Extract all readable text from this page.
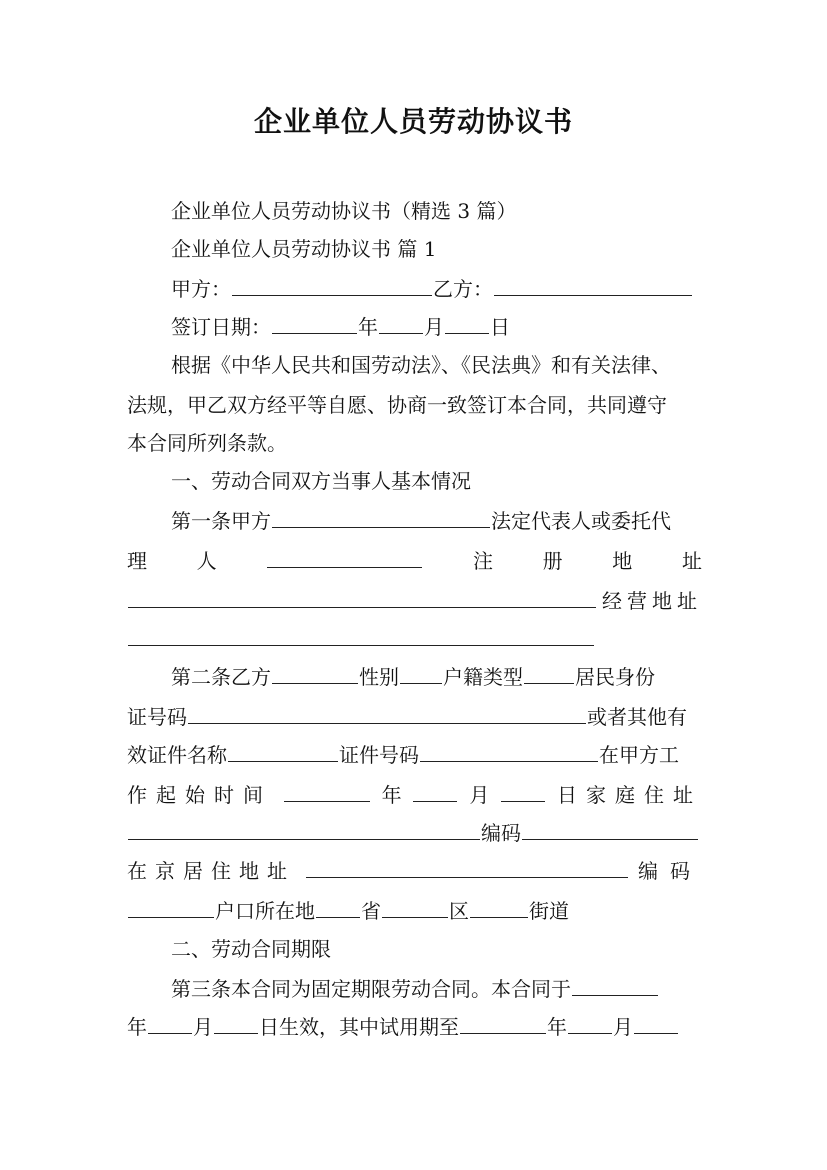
企业单位人员劳动协议书
企业单位人员劳动协议书（精选 3 篇）
企业单位人员劳动协议书 篇 1
甲方：	乙方：
签订日期：	年 月 日
根据《中华人民共和国劳动法》、《民法典》和有关法律、
法规，甲乙双方经平等自愿、协商一致签订本合同，共同遵守
本合同所列条款。
一、劳动合同双方当事人基本情况
第一条甲方	法定代表人或委托代
理 人	注 册 地 址
经营地址
第二条乙方	性别 户籍类型	居民身份
证号码	或者其他有
效证件名称	证件号码	在甲方工
作起始时间	年	月	日家庭住址
编码
在京居住地址	编码
户口所在地 省	区	街道
二、劳动合同期限
第三条本合同为固定期限劳动合同。本合同于
年 月 日生效，其中试用期至	年 月
